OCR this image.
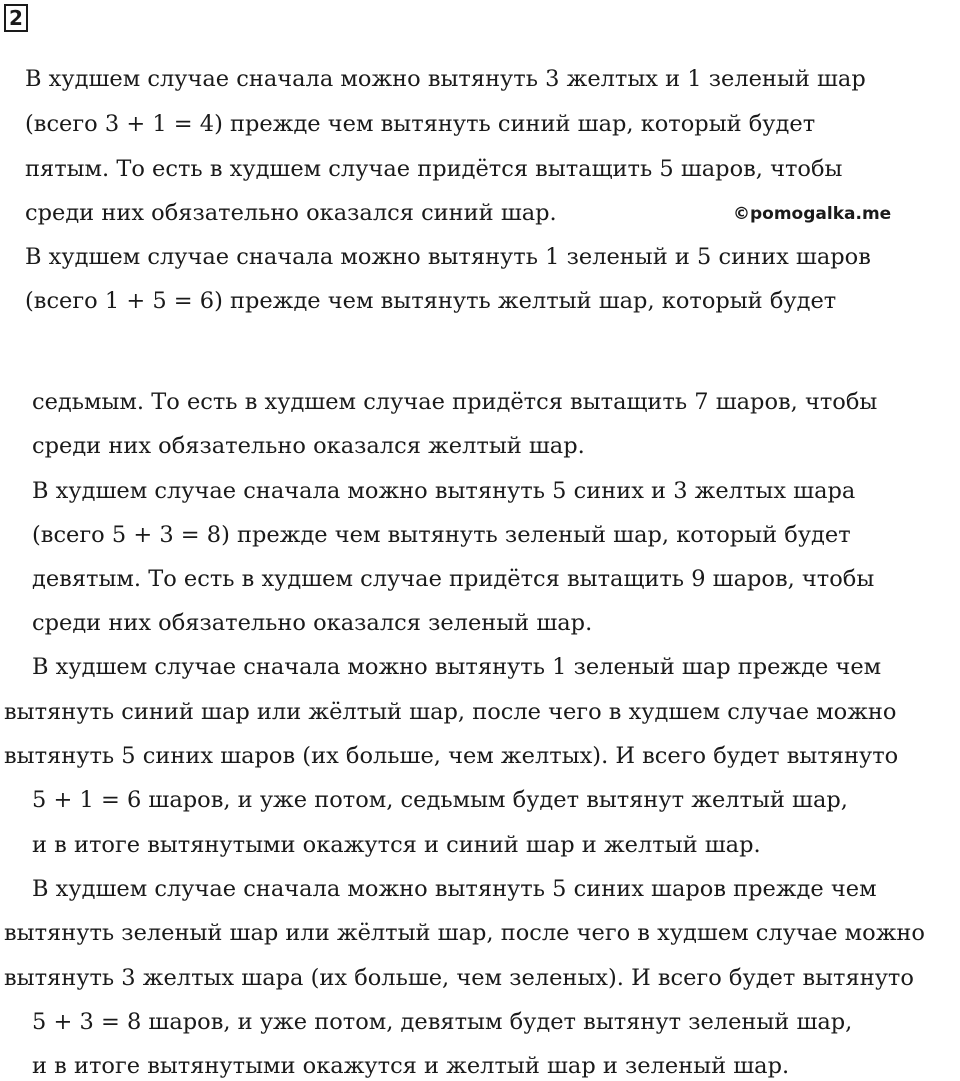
2
В худшем случае сначала можно вытянуть 3 желтых и 1 зеленый шар
(всего 3 + 1 = 4) прежде чем вытянуть синий шар, который будет
пятым. То есть в худшем случае придётся вытащить 5 шаров, чтобы
среди них обязательно оказался синий шар.	©pomogalka.me
В худшем случае сначала можно вытянуть 1 зеленый и 5 синих шаров
(всего 1 + 5 = 6) прежде чем вытянуть желтый шар, который будет
седьмым. То есть в худшем случае придётся вытащить 7 шаров, чтобы
среди них обязательно оказался желтый шар.
В худшем случае сначала можно вытянуть 5 синих и 3 желтых шара
(всего 5 + 3 = 8) прежде чем вытянуть зеленый шар, который будет
девятым. То есть в худшем случае придётся вытащить 9 шаров, чтобы
среди них обязательно оказался зеленый шар.
В худшем случае сначала можно вытянуть 1 зеленый шар прежде чем
вытянуть синий шар или жёлтый шар, после чего в худшем случае можно
вытянуть 5 синих шаров (их больше, чем желтых). И всего будет вытянуто
5 + 1 = 6 шаров, и уже потом, седьмым будет вытянут желтый шар,
и в итоге вытянутыми окажутся и синий шар и желтый шар.
В худшем случае сначала можно вытянуть 5 синих шаров прежде чем
вытянуть зеленый шар или жёлтый шар, после чего в худшем случае можно
вытянуть 3 желтых шара (их больше, чем зеленых). И всего будет вытянуто
5 + 3 = 8 шаров, и уже потом, девятым будет вытянут зеленый шар,
и в итоге вытянутыми окажутся и желтый шар и зеленый шар.
